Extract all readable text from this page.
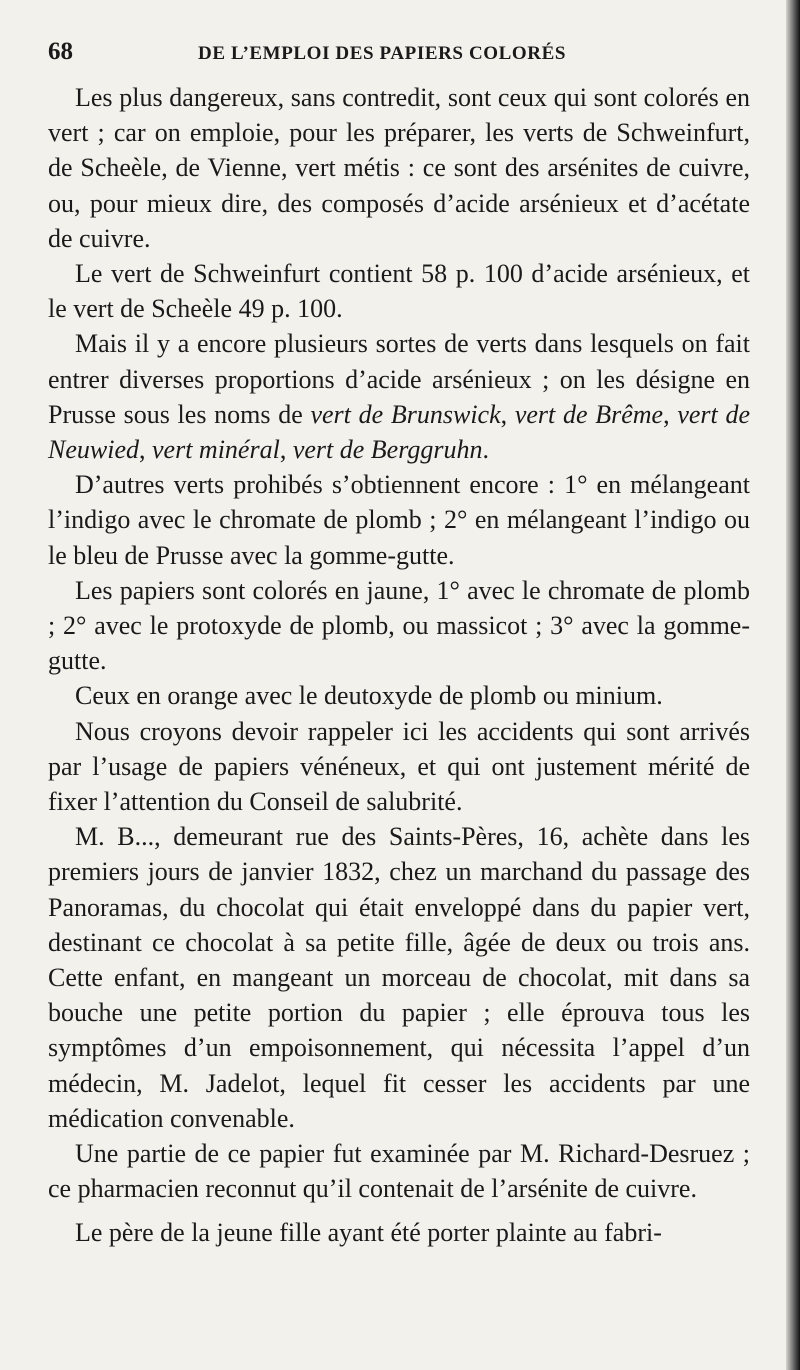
68	DE L’EMPLOI DES PAPIERS COLORÉS

Les plus dangereux, sans contredit, sont ceux qui sont colorés en vert ; car on emploie, pour les préparer, les verts de Schweinfurt, de Scheèle, de Vienne, vert métis : ce sont des arsénites de cuivre, ou, pour mieux dire, des composés d’acide arsénieux et d’acétate de cuivre.

Le vert de Schweinfurt contient 58 p. 100 d’acide arsénieux, et le vert de Scheèle 49 p. 100.

Mais il y a encore plusieurs sortes de verts dans lesquels on fait entrer diverses proportions d’acide arsénieux ; on les désigne en Prusse sous les noms de vert de Brunswick, vert de Brême, vert de Neuwied, vert minéral, vert de Berggruhn.

D’autres verts prohibés s’obtiennent encore : 1° en mélangeant l’indigo avec le chromate de plomb ; 2° en mélangeant l’indigo ou le bleu de Prusse avec la gomme-gutte.

Les papiers sont colorés en jaune, 1° avec le chromate de plomb ; 2° avec le protoxyde de plomb, ou massicot ; 3° avec la gomme-gutte.

Ceux en orange avec le deutoxyde de plomb ou minium.

Nous croyons devoir rappeler ici les accidents qui sont arrivés par l’usage de papiers vénéneux, et qui ont justement mérité de fixer l’attention du Conseil de salubrité.

M. B..., demeurant rue des Saints-Pères, 16, achète dans les premiers jours de janvier 1832, chez un marchand du passage des Panoramas, du chocolat qui était enveloppé dans du papier vert, destinant ce chocolat à sa petite fille, âgée de deux ou trois ans. Cette enfant, en mangeant un morceau de chocolat, mit dans sa bouche une petite portion du papier ; elle éprouva tous les symptômes d’un empoisonnement, qui nécessita l’appel d’un médecin, M. Jadelot, lequel fit cesser les accidents par une médication convenable.

Une partie de ce papier fut examinée par M. Richard-Desruez ; ce pharmacien reconnut qu’il contenait de l’arsénite de cuivre.

Le père de la jeune fille ayant été porter plainte au fabri-
